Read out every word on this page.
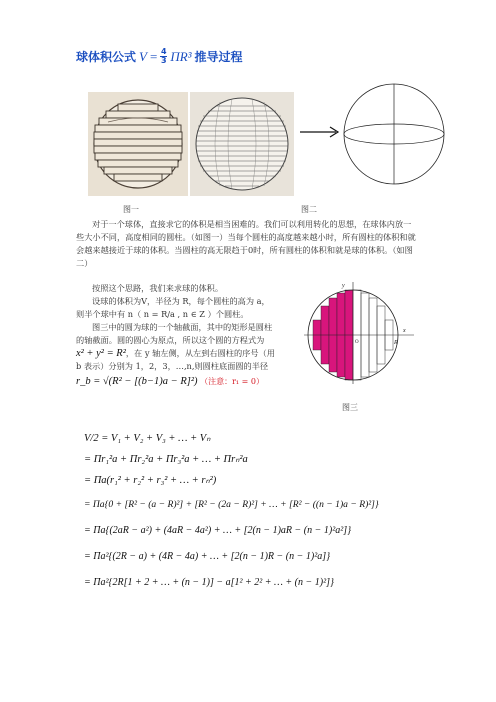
球体积公式 $V = \frac{4}{3} \Pi R^3$ 推导过程
图一	图二
对于一个球体，直接求它的体积是相当困难的。我们可以利用转化的思想，在球体内放一些大小不同，高度相同的圆柱。（如图一）当每个圆柱的高度越来越小时，所有圆柱的体积和就会越来越接近于球的体积。当圆柱的高无限趋于0时，所有圆柱的体积和就是球的体积。（如图二）

按照这个思路，我们来求球的体积。

设球的体积为V，半径为 R，每个圆柱的高为 a，

则半个球中有 n（ n = R/a , n ∈ Z ）个圆柱。

图三中的圆为球的一个轴截面，其中的矩形是圆柱

的轴截面。圆的圆心为原点，所以这个圆的方程式为

x² + y² = R²，在 y 轴左侧，从左到右圆柱的序号（用

b 表示）分别为 1，2，3，…,n,则圆柱底面圆的半径

r_b = √(R² − [(b−1)a − R]²) （注意：r₁ = 0）

x
y
R
O
图三
V/2 = V₁ + V₂ + V₃ + … + Vₙ
= Πr₁²a + Πr₂²a + Πr₃²a + … + Πrₙ²a
= Πa(r₁² + r₂² + r₃² + … + rₙ²)
= Πa{0 + [R² − (a − R)²] + [R² − (2a − R)²] + … + [R² − ((n − 1)a − R)²]}
= Πa{(2aR − a²) + (4aR − 4a²) + … + [2(n − 1)aR − (n − 1)²a²]}
= Πa²{(2R − a) + (4R − 4a) + … + [2(n − 1)R − (n − 1)²a]}
= Πa²{2R[1 + 2 + … + (n − 1)] − a[1² + 2² + … + (n − 1)²]}
